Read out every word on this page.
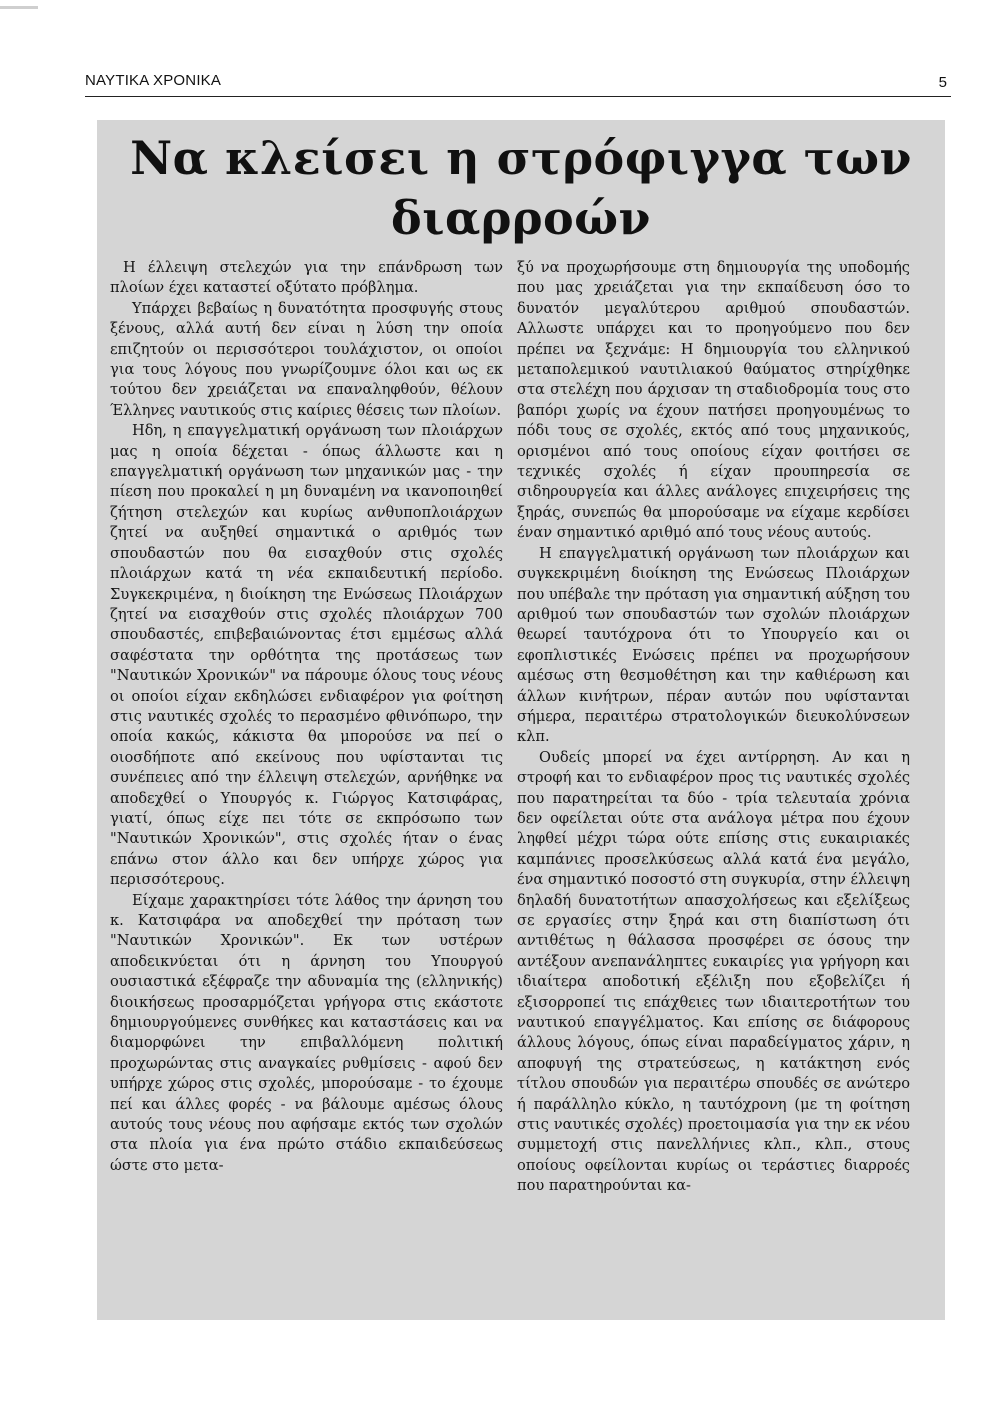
ΝΑΥΤΙΚΑ ΧΡΟΝΙΚΑ	5
Να κλείσει η στρόφιγγα των
διαρροών

Η έλλειψη στελεχών για την επάνδρωση των πλοίων έχει καταστεί οξύτατο πρόβλημα.

Υπάρχει βεβαίως η δυνατότητα προσφυγής στους ξένους, αλλά αυτή δεν είναι η λύση την οποία επιζητούν οι περισσότεροι τουλάχιστον, οι οποίοι για τους λόγους που γνωρίζουμνε όλοι και ως εκ τούτου δεν χρειάζεται να επαναληφθούν, θέλουν Έλληνες ναυτικούς στις καίριες θέσεις των πλοίων.

Ηδη, η επαγγελματική οργάνωση των πλοιάρχων μας η οποία δέχεται - όπως άλλωστε και η επαγγελματική οργάνωση των μηχανικών μας - την πίεση που προκαλεί η μη δυναμένη να ικανοποιηθεί ζήτηση στελεχών και κυρίως ανθυποπλοιάρχων ζητεί να αυξηθεί σημαντικά ο αριθμός των σπουδαστών που θα εισαχθούν στις σχολές πλοιάρχων κατά τη νέα εκπαιδευτική περίοδο. Συγκεκριμένα, η διοίκηση τηε Ενώσεως Πλοιάρχων ζητεί να εισαχθούν στις σχολές πλοιάρχων 700 σπουδαστές, επιβεβαιώνοντας έτσι εμμέσως αλλά σαφέστατα την ορθότητα της προτάσεως των "Ναυτικών Χρονικών" να πάρουμε όλους τους νέους οι οποίοι είχαν εκδηλώσει ενδιαφέρον για φοίτηση στις ναυτικές σχολές το περασμένο φθινόπωρο, την οποία κακώς, κάκιστα θα μπορούσε να πεί ο οιοσδήποτε από εκείνους που υφίστανται τις συνέπειες από την έλλειψη στελεχών, αρνήθηκε να αποδεχθεί ο Υπουργός κ. Γιώργος Κατσιφάρας, γιατί, όπως είχε πει τότε σε εκπρόσωπο των "Ναυτικών Χρονικών", στις σχολές ήταν ο ένας επάνω στον άλλο και δεν υπήρχε χώρος για περισσότερους.

Είχαμε χαρακτηρίσει τότε λάθος την άρνηση του κ. Κατσιφάρα να αποδεχθεί την πρόταση των "Ναυτικών Χρονικών". Εκ των υστέρων αποδεικνύεται ότι η άρνηση του Υπουργού ουσιαστικά εξέφραζε την αδυναμία της (ελληνικής) διοικήσεως προσαρμόζεται γρήγορα στις εκάστοτε δημιουργούμενες συνθήκες και καταστάσεις και να διαμορφώνει την επιβαλλόμενη πολιτική προχωρώντας στις αναγκαίες ρυθμίσεις - αφού δεν υπήρχε χώρος στις σχολές, μπορούσαμε - το έχουμε πεί και άλλες φορές - να βάλουμε αμέσως όλους αυτούς τους νέους που αφήσαμε εκτός των σχολών στα πλοία για ένα πρώτο στάδιο εκπαιδεύσεως ώστε στο μετα-

ξύ να προχωρήσουμε στη δημιουργία της υποδομής που μας χρειάζεται για την εκπαίδευση όσο το δυνατόν μεγαλύτερου αριθμού σπουδαστών. Αλλωστε υπάρχει και το προηγούμενο που δεν πρέπει να ξεχνάμε: Η δημιουργία του ελληνικού μεταπολεμικού ναυτιλιακού θαύματος στηρίχθηκε στα στελέχη που άρχισαν τη σταδιοδρομία τους στο βαπόρι χωρίς να έχουν πατήσει προηγουμένως το πόδι τους σε σχολές, εκτός από τους μηχανικούς, ορισμένοι από τους οποίους είχαν φοιτήσει σε τεχνικές σχολές ή είχαν προυπηρεσία σε σιδηρουργεία και άλλες ανάλογες επιχειρήσεις της ξηράς, συνεπώς θα μπορούσαμε να είχαμε κερδίσει έναν σημαντικό αριθμό από τους νέους αυτούς.

Η επαγγελματική οργάνωση των πλοιάρχων και συγκεκριμένη διοίκηση της Ενώσεως Πλοιάρχων που υπέβαλε την πρόταση για σημαντική αύξηση του αριθμού των σπουδαστών των σχολών πλοιάρχων θεωρεί ταυτόχρονα ότι το Υπουργείο και οι εφοπλιστικές Ενώσεις πρέπει να προχωρήσουν αμέσως στη θεσμοθέτηση και την καθιέρωση και άλλων κινήτρων, πέραν αυτών που υφίστανται σήμερα, περαιτέρω στρατολογικών διευκολύνσεων κλπ.

Ουδείς μπορεί να έχει αντίρρηση. Αν και η στροφή και το ενδιαφέρον προς τις ναυτικές σχολές που παρατηρείται τα δύο - τρία τελευταία χρόνια δεν οφείλεται ούτε στα ανάλογα μέτρα που έχουν ληφθεί μέχρι τώρα ούτε επίσης στις ευκαιριακές καμπάνιες προσελκύσεως αλλά κατά ένα μεγάλο, ένα σημαντικό ποσοστό στη συγκυρία, στην έλλειψη δηλαδή δυνατοτήτων απασχολήσεως και εξελίξεως σε εργασίες στην ξηρά και στη διαπίστωση ότι αντιθέτως η θάλασσα προσφέρει σε όσους την αντέξουν ανεπανάληπτες ευκαιρίες για γρήγορη και ιδιαίτερα αποδοτική εξέλιξη που εξοβελίζει ή εξισορροπεί τις επάχθειες των ιδιαιτεροτήτων του ναυτικού επαγγέλματος. Και επίσης σε διάφορους άλλους λόγους, όπως είναι παραδείγματος χάριν, η αποφυγή της στρατεύσεως, η κατάκτηση ενός τίτλου σπουδών για περαιτέρω σπουδές σε ανώτερο ή παράλληλο κύκλο, η ταυτόχρονη (με τη φοίτηση στις ναυτικές σχολές) προετοιμασία για την εκ νέου συμμετοχή στις πανελλήνιες κλπ., κλπ., στους οποίους οφείλονται κυρίως οι τεράστιες διαρροές που παρατηρούνται κα-
